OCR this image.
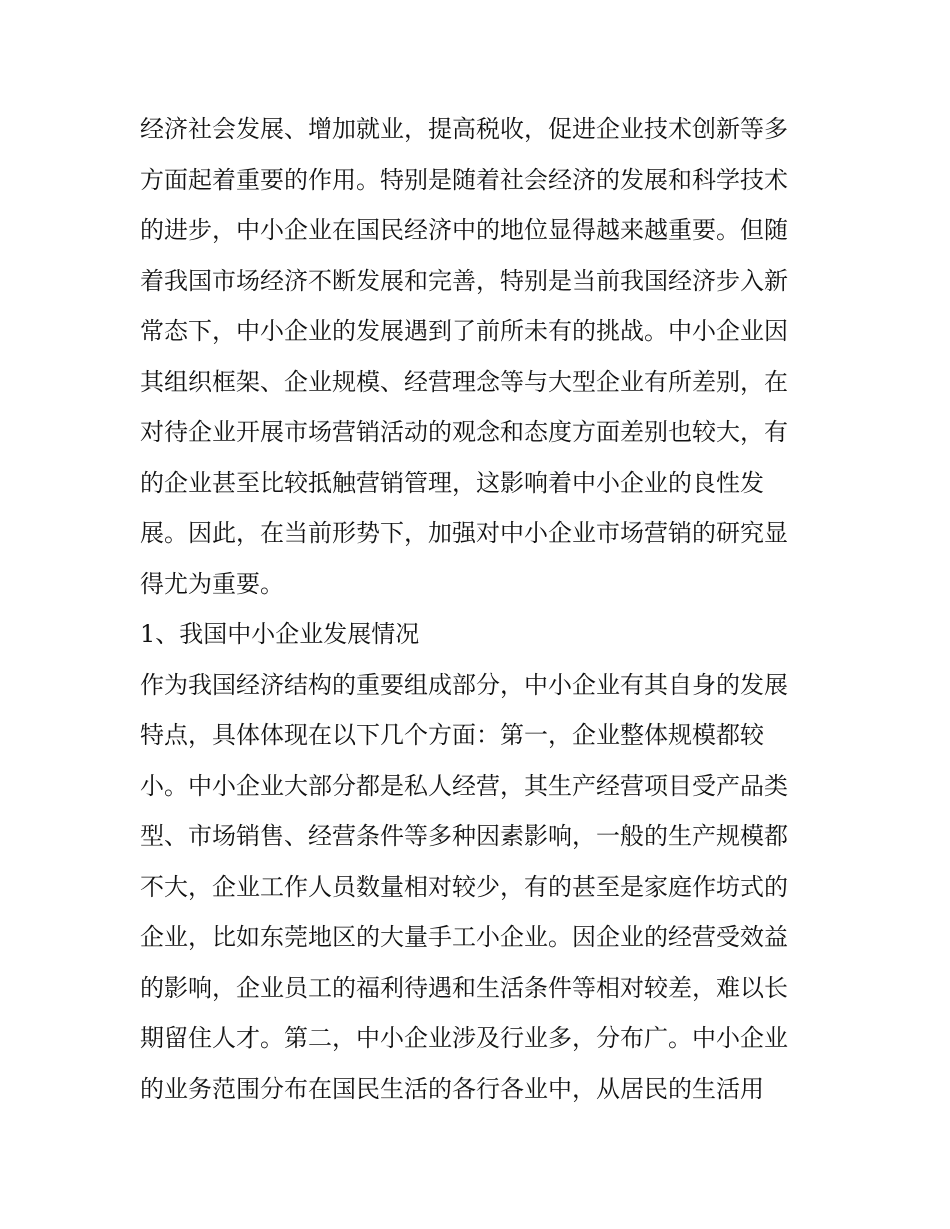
经济社会发展、增加就业，提高税收，促进企业技术创新等多
方面起着重要的作用。特别是随着社会经济的发展和科学技术
的进步，中小企业在国民经济中的地位显得越来越重要。但随
着我国市场经济不断发展和完善，特别是当前我国经济步入新
常态下，中小企业的发展遇到了前所未有的挑战。中小企业因
其组织框架、企业规模、经营理念等与大型企业有所差别，在
对待企业开展市场营销活动的观念和态度方面差别也较大，有
的企业甚至比较抵触营销管理，这影响着中小企业的良性发
展。因此，在当前形势下，加强对中小企业市场营销的研究显
得尤为重要。
1、我国中小企业发展情况
作为我国经济结构的重要组成部分，中小企业有其自身的发展
特点，具体体现在以下几个方面：第一，企业整体规模都较
小。中小企业大部分都是私人经营，其生产经营项目受产品类
型、市场销售、经营条件等多种因素影响，一般的生产规模都
不大，企业工作人员数量相对较少，有的甚至是家庭作坊式的
企业，比如东莞地区的大量手工小企业。因企业的经营受效益
的影响，企业员工的福利待遇和生活条件等相对较差，难以长
期留住人才。第二，中小企业涉及行业多，分布广。中小企业
的业务范围分布在国民生活的各行各业中，从居民的生活用
